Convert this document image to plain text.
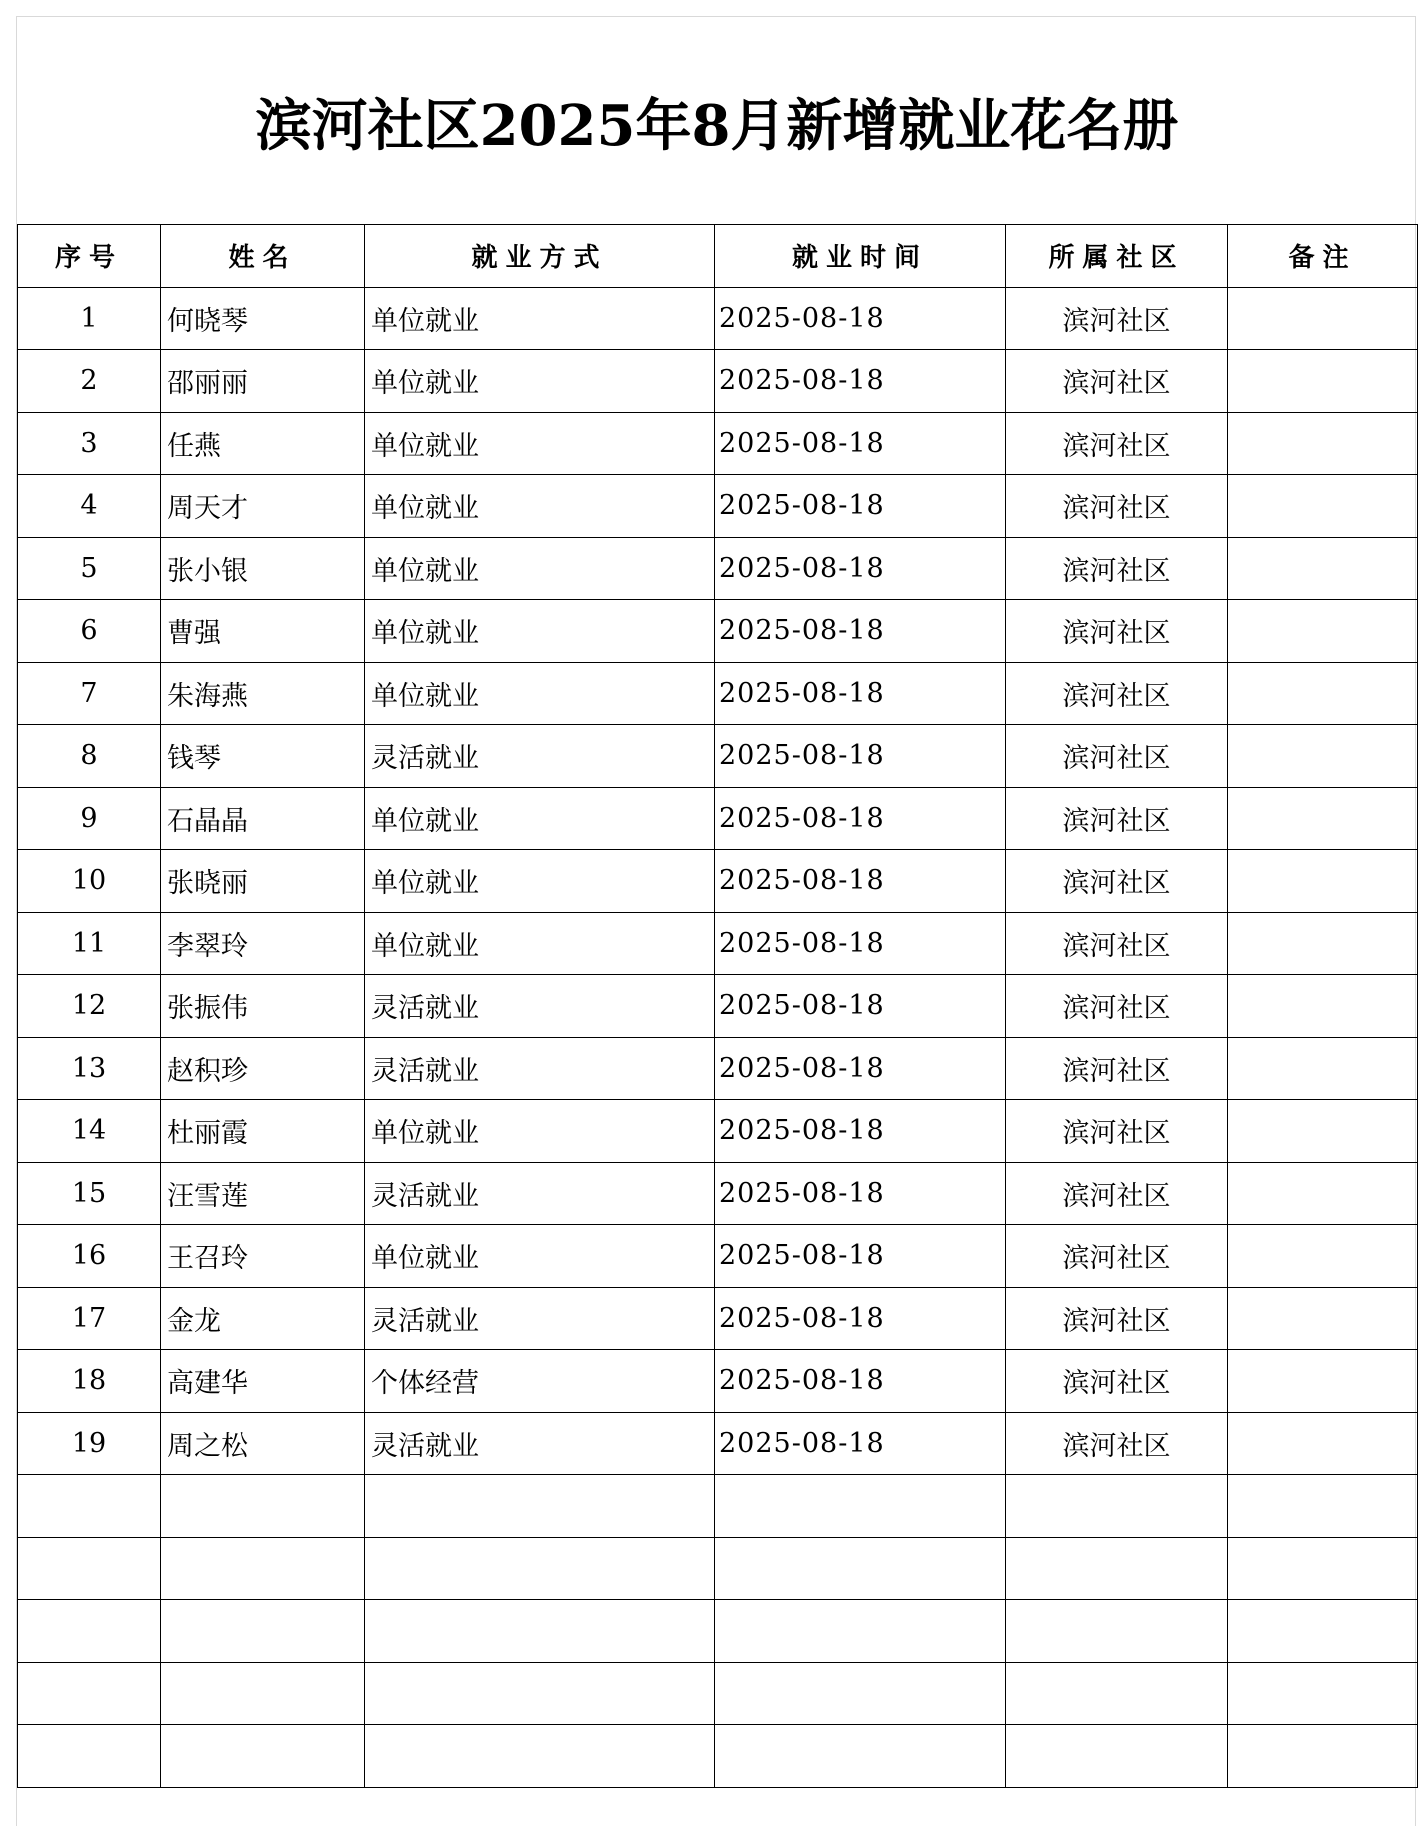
滨河社区2025年8月新增就业花名册
序号	姓名	就业方式	就业时间	所属社区	备注
1	何晓琴	单位就业	2025-08-18	滨河社区	
2	邵丽丽	单位就业	2025-08-18	滨河社区	
3	任燕	单位就业	2025-08-18	滨河社区	
4	周天才	单位就业	2025-08-18	滨河社区	
5	张小银	单位就业	2025-08-18	滨河社区	
6	曹强	单位就业	2025-08-18	滨河社区	
7	朱海燕	单位就业	2025-08-18	滨河社区	
8	钱琴	灵活就业	2025-08-18	滨河社区	
9	石晶晶	单位就业	2025-08-18	滨河社区	
10	张晓丽	单位就业	2025-08-18	滨河社区	
11	李翠玲	单位就业	2025-08-18	滨河社区	
12	张振伟	灵活就业	2025-08-18	滨河社区	
13	赵积珍	灵活就业	2025-08-18	滨河社区	
14	杜丽霞	单位就业	2025-08-18	滨河社区	
15	汪雪莲	灵活就业	2025-08-18	滨河社区	
16	王召玲	单位就业	2025-08-18	滨河社区	
17	金龙	灵活就业	2025-08-18	滨河社区	
18	高建华	个体经营	2025-08-18	滨河社区	
19	周之松	灵活就业	2025-08-18	滨河社区	
